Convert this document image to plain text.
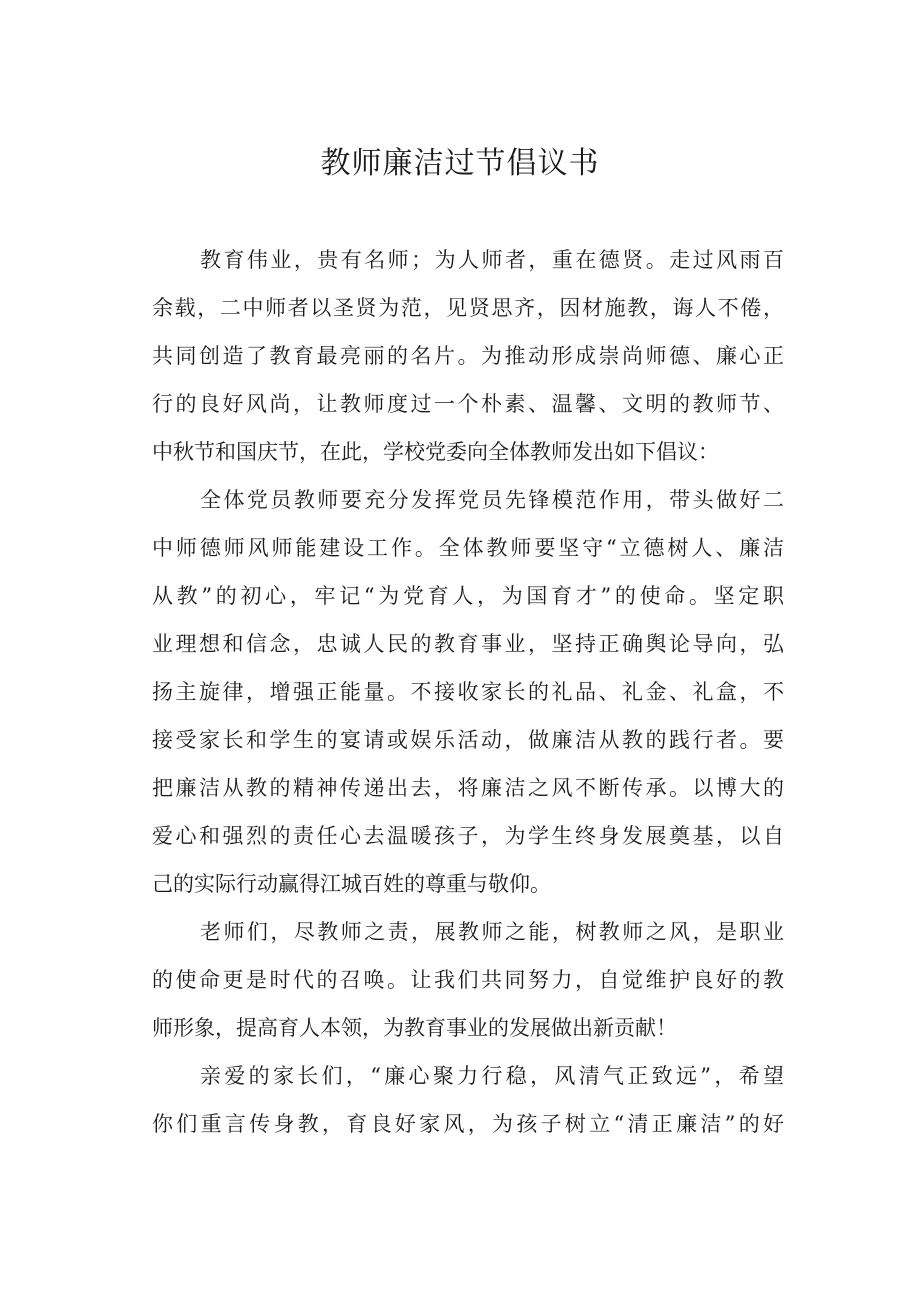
教师廉洁过节倡议书
教育伟业，贵有名师；为人师者，重在德贤。走过风雨百
余载，二中师者以圣贤为范，见贤思齐，因材施教，诲人不倦，
共同创造了教育最亮丽的名片。为推动形成崇尚师德、廉心正
行的良好风尚，让教师度过一个朴素、温馨、文明的教师节、
中秋节和国庆节，在此，学校党委向全体教师发出如下倡议：
全体党员教师要充分发挥党员先锋模范作用，带头做好二
中师德师风师能建设工作。全体教师要坚守“立德树人、廉洁
从教”的初心，牢记“为党育人，为国育才”的使命。坚定职
业理想和信念，忠诚人民的教育事业，坚持正确舆论导向，弘
扬主旋律，增强正能量。不接收家长的礼品、礼金、礼盒，不
接受家长和学生的宴请或娱乐活动，做廉洁从教的践行者。要
把廉洁从教的精神传递出去，将廉洁之风不断传承。以博大的
爱心和强烈的责任心去温暖孩子，为学生终身发展奠基，以自
己的实际行动赢得江城百姓的尊重与敬仰。
老师们，尽教师之责，展教师之能，树教师之风，是职业
的使命更是时代的召唤。让我们共同努力，自觉维护良好的教
师形象，提高育人本领，为教育事业的发展做出新贡献！
亲爱的家长们，“廉心聚力行稳，风清气正致远”，希望
你们重言传身教，育良好家风，为孩子树立“清正廉洁”的好
